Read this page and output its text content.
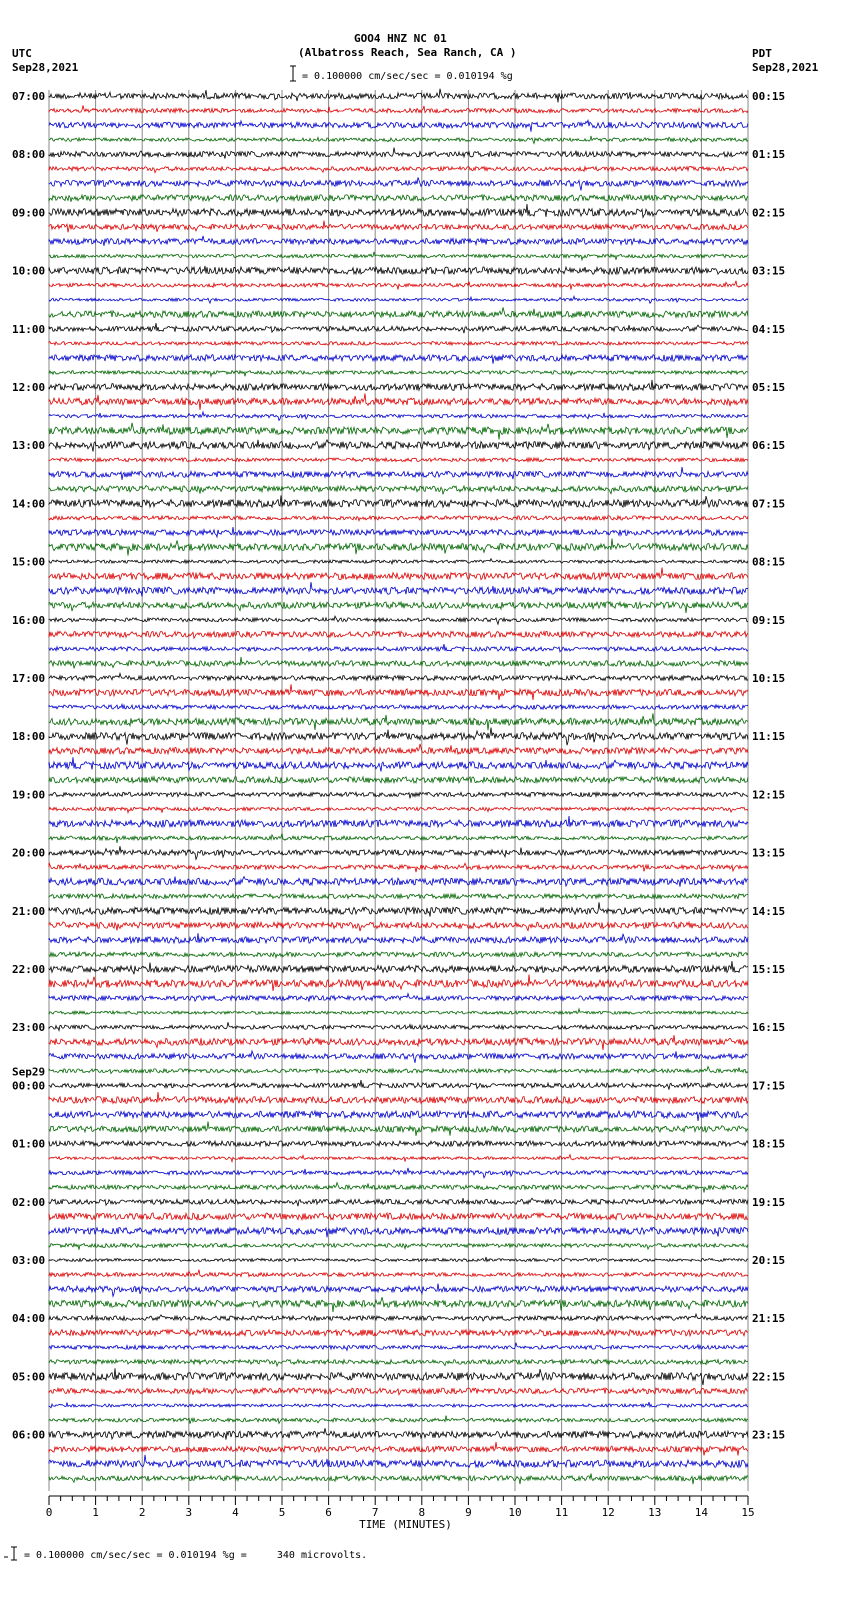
GOO4 HNZ NC 01
(Albatross Reach, Sea Ranch, CA )
UTC
Sep28,2021
PDT
Sep28,2021
= 0.100000 cm/sec/sec = 0.010194 %g
= 0.100000 cm/sec/sec = 0.010194 %g =     340 microvolts.
0	1	2	3	4	5	6	7	8	9	10	11	12	13	14	15
TIME (MINUTES)
07:00
08:00
09:00
10:00
11:00
12:00
13:00
14:00
15:00
16:00
17:00
18:00
19:00
20:00
21:00
22:00
23:00
00:00
Sep29
01:00
02:00
03:00
04:00
05:00
06:00
00:15
01:15
02:15
03:15
04:15
05:15
06:15
07:15
08:15
09:15
10:15
11:15
12:15
13:15
14:15
15:15
16:15
17:15
18:15
19:15
20:15
21:15
22:15
23:15
